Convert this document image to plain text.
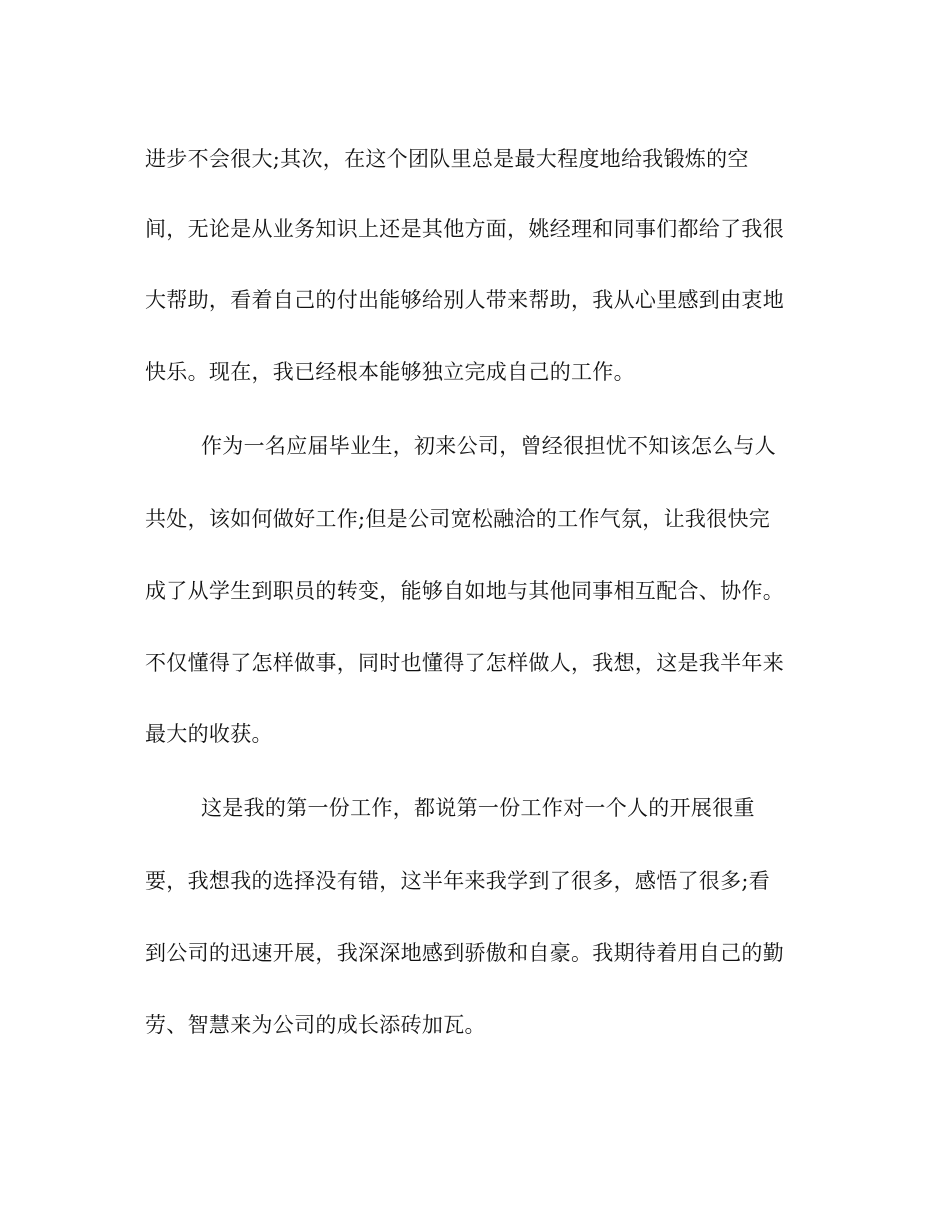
进步不会很大;其次，在这个团队里总是最大程度地给我锻炼的空
间，无论是从业务知识上还是其他方面，姚经理和同事们都给了我很
大帮助，看着自己的付出能够给别人带来帮助，我从心里感到由衷地
快乐。现在，我已经根本能够独立完成自己的工作。
作为一名应届毕业生，初来公司，曾经很担忧不知该怎么与人
共处，该如何做好工作;但是公司宽松融洽的工作气氛，让我很快完
成了从学生到职员的转变，能够自如地与其他同事相互配合、协作。
不仅懂得了怎样做事，同时也懂得了怎样做人，我想，这是我半年来
最大的收获。
这是我的第一份工作，都说第一份工作对一个人的开展很重
要，我想我的选择没有错，这半年来我学到了很多，感悟了很多;看
到公司的迅速开展，我深深地感到骄傲和自豪。我期待着用自己的勤
劳、智慧来为公司的成长添砖加瓦。
